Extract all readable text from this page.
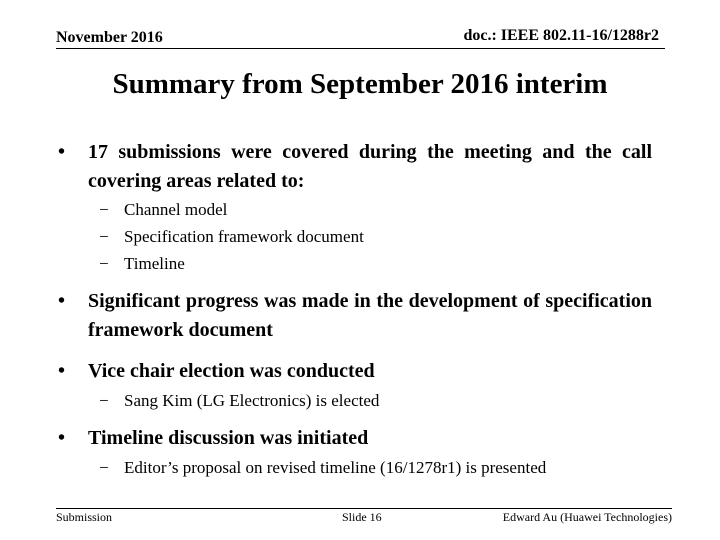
November 2016	doc.: IEEE 802.11-16/1288r2
Summary from September 2016 interim
• 17 submissions were covered during the meeting and the call covering areas related to:
− Channel model
− Specification framework document
− Timeline
• Significant progress was made in the development of specification framework document
• Vice chair election was conducted
− Sang Kim (LG Electronics) is elected
• Timeline discussion was initiated
− Editor’s proposal on revised timeline (16/1278r1) is presented
Submission	Slide 16	Edward Au (Huawei Technologies)
